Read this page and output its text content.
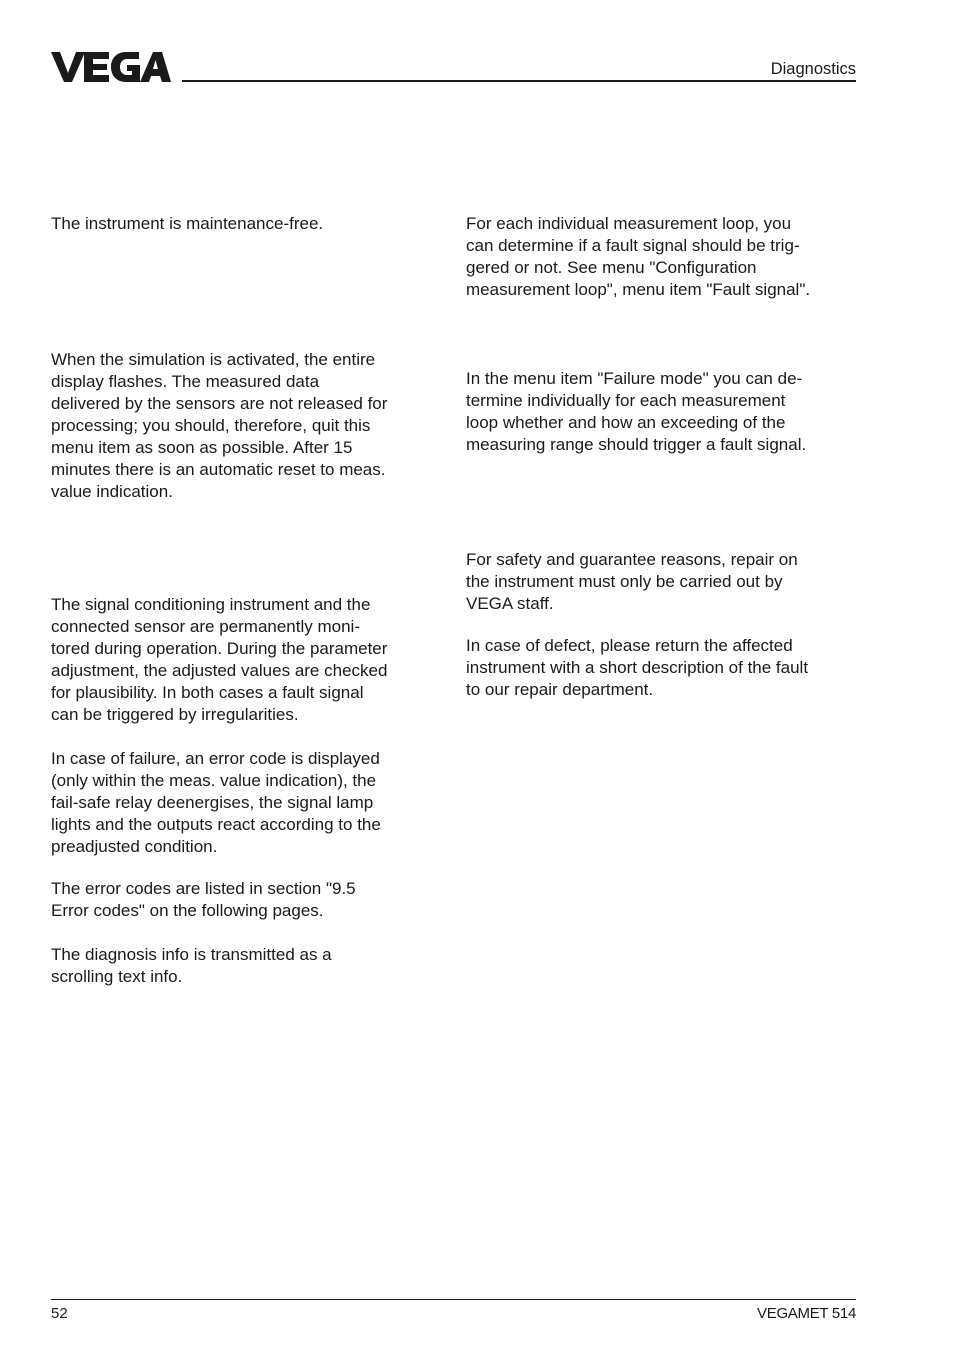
Diagnostics

The instrument is maintenance-free.

When the simulation is activated, the entire
display flashes. The measured data
delivered by the sensors are not released for
processing; you should, therefore, quit this
menu item as soon as possible. After 15
minutes there is an automatic reset to meas.
value indication.

The signal conditioning instrument and the
connected sensor are permanently moni-
tored during operation. During the parameter
adjustment, the adjusted values are checked
for plausibility. In both cases a fault signal
can be triggered by irregularities.

In case of failure, an error code is displayed
(only within the meas. value indication), the
fail-safe relay deenergises, the signal lamp
lights and the outputs react according to the
preadjusted condition.

The error codes are listed in section "9.5
Error codes" on the following pages.

The diagnosis info is transmitted as a
scrolling text info.

For each individual measurement loop, you
can determine if a fault signal should be trig-
gered or not. See menu "Configuration
measurement loop", menu item "Fault signal".

In the menu item "Failure mode" you can de-
termine individually for each measurement
loop whether and how an exceeding of the
measuring range should trigger a fault signal.

For safety and guarantee reasons, repair on
the instrument must only be carried out by
VEGA staff.

In case of defect, please return the affected
instrument with a short description of the fault
to our repair department.

52	VEGAMET 514
